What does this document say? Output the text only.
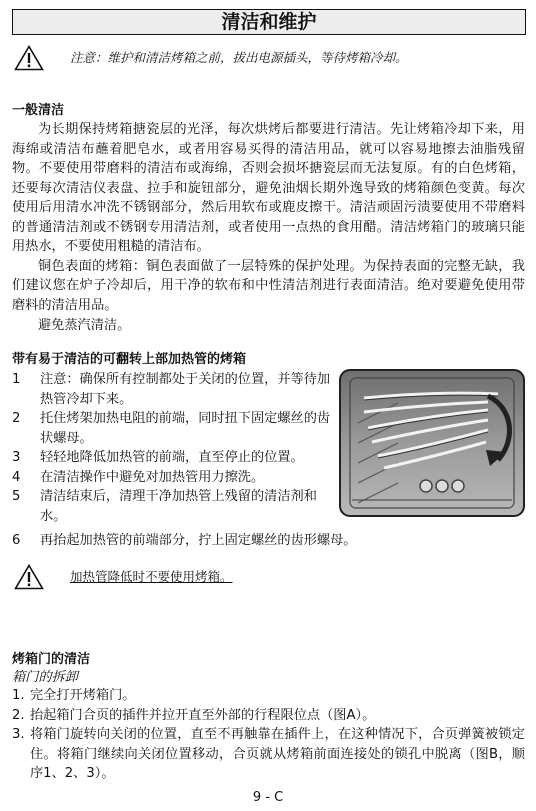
清洁和维护
注意：维护和清洁烤箱之前，拔出电源插头，等待烤箱冷却。
一般清洁

为长期保持烤箱搪瓷层的光泽，每次烘烤后都要进行清洁。先让烤箱冷却下来，用海绵或清洁布蘸着肥皂水，或者用容易买得的清洁用品，就可以容易地擦去油脂残留物。不要使用带磨料的清洁布或海绵，否则会损坏搪瓷层而无法复原。有的白色烤箱，还要每次清洁仪表盘、拉手和旋钮部分，避免油烟长期外逸导致的烤箱颜色变黄。每次使用后用清水冲洗不锈钢部分，然后用软布或鹿皮擦干。清洁顽固污渍要使用不带磨料的普通清洁剂或不锈钢专用清洁剂，或者使用一点热的食用醋。清洁烤箱门的玻璃只能用热水，不要使用粗糙的清洁布。

铜色表面的烤箱：铜色表面做了一层特殊的保护处理。为保持表面的完整无缺，我们建议您在炉子冷却后，用干净的软布和中性清洁剂进行表面清洁。绝对要避免使用带磨料的清洁用品。

避免蒸汽清洁。
带有易于清洁的可翻转上部加热管的烤箱
1	注意：确保所有控制都处于关闭的位置，并等待加热管冷却下来。
2	托住烤架加热电阻的前端，同时扭下固定螺丝的齿状螺母。
3	轻轻地降低加热管的前端，直至停止的位置。
4	在清洁操作中避免对加热管用力擦洗。
5	清洁结束后，清理干净加热管上残留的清洁剂和水。
6	再抬起加热管的前端部分，拧上固定螺丝的齿形螺母。
加热管降低时不要使用烤箱。
烤箱门的清洁
箱门的拆卸
1. 完全打开烤箱门。
2. 抬起箱门合页的插件并拉开直至外部的行程限位点（图A）。
3. 将箱门旋转向关闭的位置，直至不再触靠在插件上，在这种情况下，合页弹簧被锁定住。将箱门继续向关闭位置移动，合页就从烤箱前面连接处的锁孔中脱离（图B，顺序1、2、3）。
9 - C
